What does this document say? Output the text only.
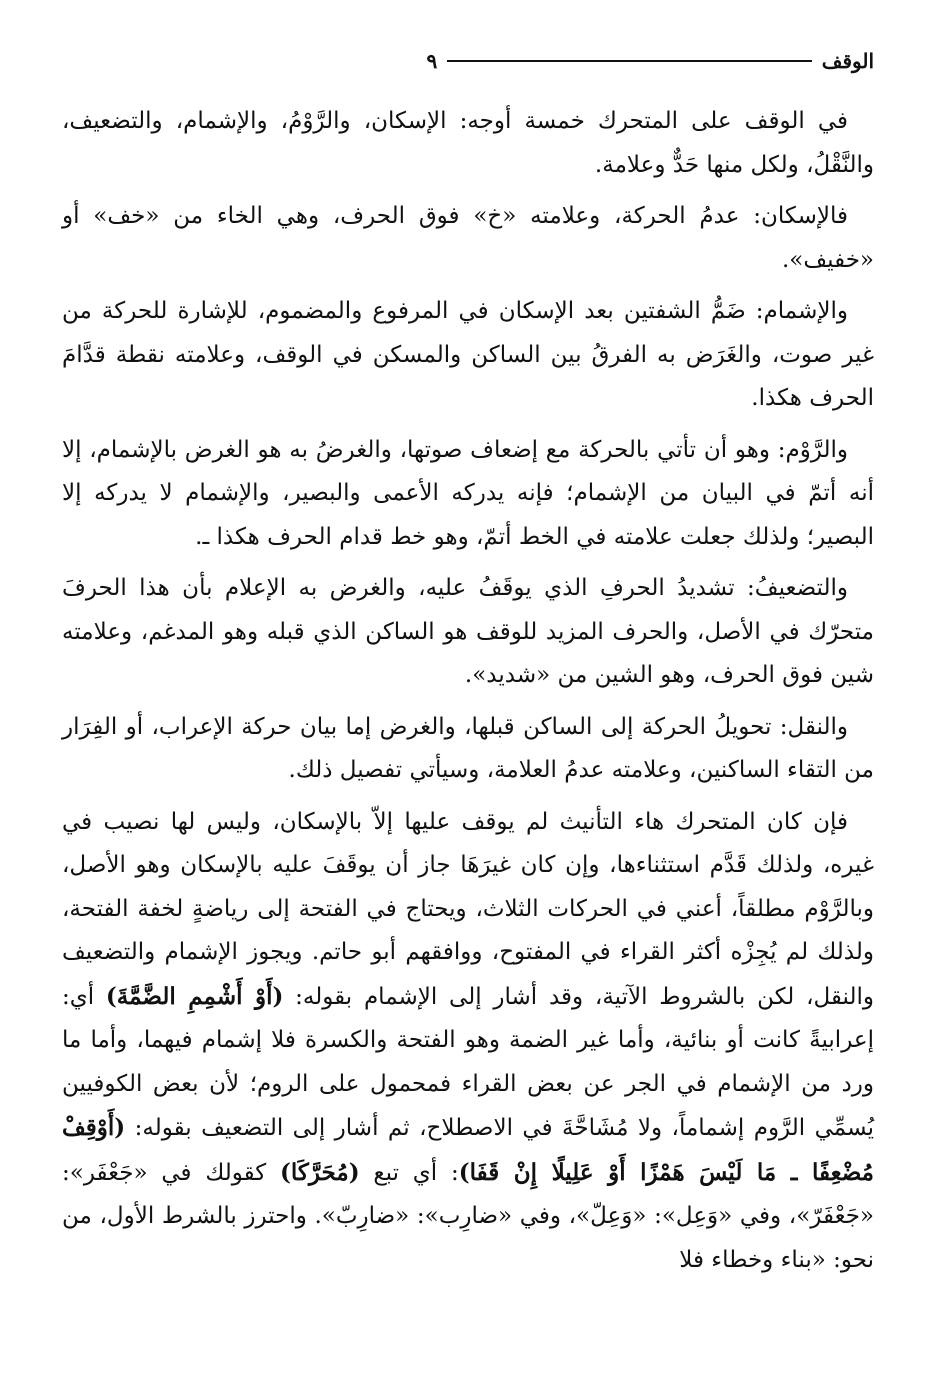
الوقف
٩

في الوقف على المتحرك خمسة أوجه: الإسكان، والرَّوْمُ، والإشمام، والتضعيف، والنَّقْلُ، ولكل منها حَدٌّ وعلامة.

فالإسكان: عدمُ الحركة، وعلامته «خ» فوق الحرف، وهي الخاء من «خف» أو «خفيف».

والإشمام: ضَمُّ الشفتين بعد الإسكان في المرفوع والمضموم، للإشارة للحركة من غير صوت، والغَرَض به الفرقُ بين الساكن والمسكن في الوقف، وعلامته نقطة قدَّامَ الحرف هكذا.

والرَّوْم: وهو أن تأتي بالحركة مع إضعاف صوتها، والغرضُ به هو الغرض بالإشمام، إلا أنه أتمّ في البيان من الإشمام؛ فإنه يدركه الأعمى والبصير، والإشمام لا يدركه إلا البصير؛ ولذلك جعلت علامته في الخط أتمّ، وهو خط قدام الحرف هكذا ـ.

والتضعيفُ: تشديدُ الحرفِ الذي يوقَفُ عليه، والغرض به الإعلام بأن هذا الحرفَ متحرّك في الأصل، والحرف المزيد للوقف هو الساكن الذي قبله وهو المدغم، وعلامته شين فوق الحرف، وهو الشين من «شديد».

والنقل: تحويلُ الحركة إلى الساكن قبلها، والغرض إما بيان حركة الإعراب، أو الفِرَار من التقاء الساكنين، وعلامته عدمُ العلامة، وسيأتي تفصيل ذلك.

فإن كان المتحرك هاء التأنيث لم يوقف عليها إلاّ بالإسكان، وليس لها نصيب في غيره، ولذلك قَدَّم استثناءها، وإن كان غيرَهَا جاز أن يوقَفَ عليه بالإسكان وهو الأصل، وبالرَّوْم مطلقاً، أعني في الحركات الثلاث، ويحتاج في الفتحة إلى رياضةٍ لخفة الفتحة، ولذلك لم يُجِزْه أكثر القراء في المفتوح، ووافقهم أبو حاتم. ويجوز الإشمام والتضعيف والنقل، لكن بالشروط الآتية، وقد أشار إلى الإشمام بقوله: (أَوْ أَشْمِمِ الضَّمَّةَ) أي: إعرابيةً كانت أو بنائية، وأما غير الضمة وهو الفتحة والكسرة فلا إشمام فيهما، وأما ما ورد من الإشمام في الجر عن بعض القراء فمحمول على الروم؛ لأن بعض الكوفيين يُسمِّي الرَّوم إشماماً، ولا مُشَاحَّةَ في الاصطلاح، ثم أشار إلى التضعيف بقوله: (أَوْقِفْ مُضْعِفًا ـ مَا لَيْسَ هَمْزًا أَوْ عَلِيلًا إِنْ قَفَا): أي تبع (مُحَرَّكَا) كقولك في «جَعْفَر»: «جَعْفَرّ»، وفي «وَعِل»: «وَعِلّ»، وفي «ضارِب»: «ضارِبّ». واحترز بالشرط الأول، من نحو: «بناء وخطاء فلا
